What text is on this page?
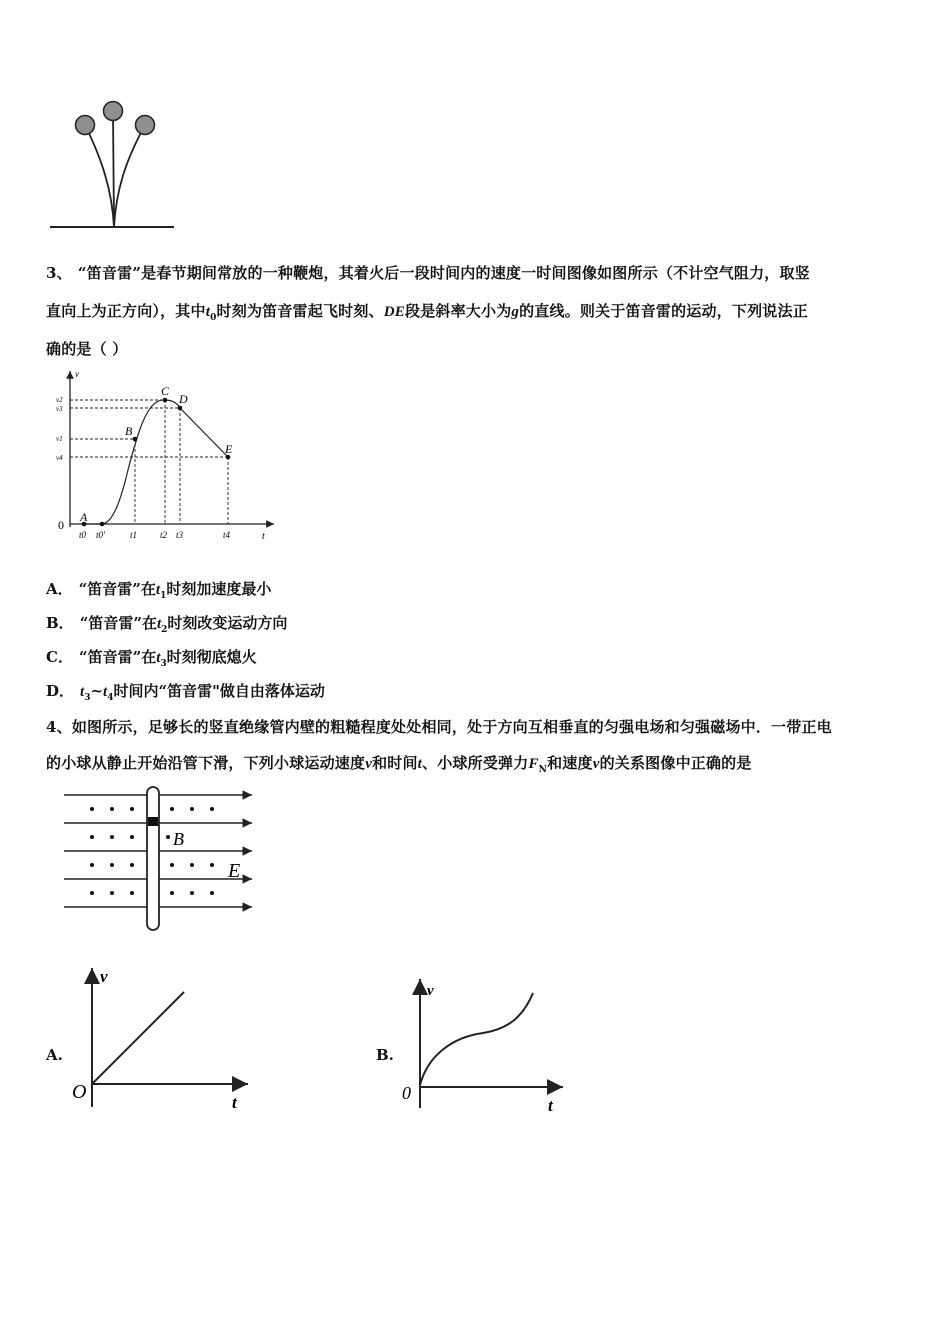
3、 “笛音雷”是春节期间常放的一种鞭炮，其着火后一段时间内的速度一时间图像如图所示（不计空气阻力，取竖
直向上为正方向），其中$t_0$时刻为笛音雷起飞时刻、DE段是斜率大小为g的直线。则关于笛音雷的运动，下列说法正
确的是（ ）
v
t
0
A
B
C
D
E
v2
v3
v1
v4
t0 t0'	t1	t2 t3	t4
A． “笛音雷”在$t_1$时刻加速度最小
B． “笛音雷”在$t_2$时刻改变运动方向
C． “笛音雷”在$t_3$时刻彻底熄火
D． $t_3\sim t_4$时间内“笛音雷"做自由落体运动
4、如图所示，足够长的竖直绝缘管内壁的粗糙程度处处相同，处于方向互相垂直的匀强电场和匀强磁场中．一带正电
的小球从静止开始沿管下滑，下列小球运动速度v和时间t、小球所受弹力$F_N$和速度v的关系图像中正确的是
B
E
A.
v
t
O
B.
v
t
0
